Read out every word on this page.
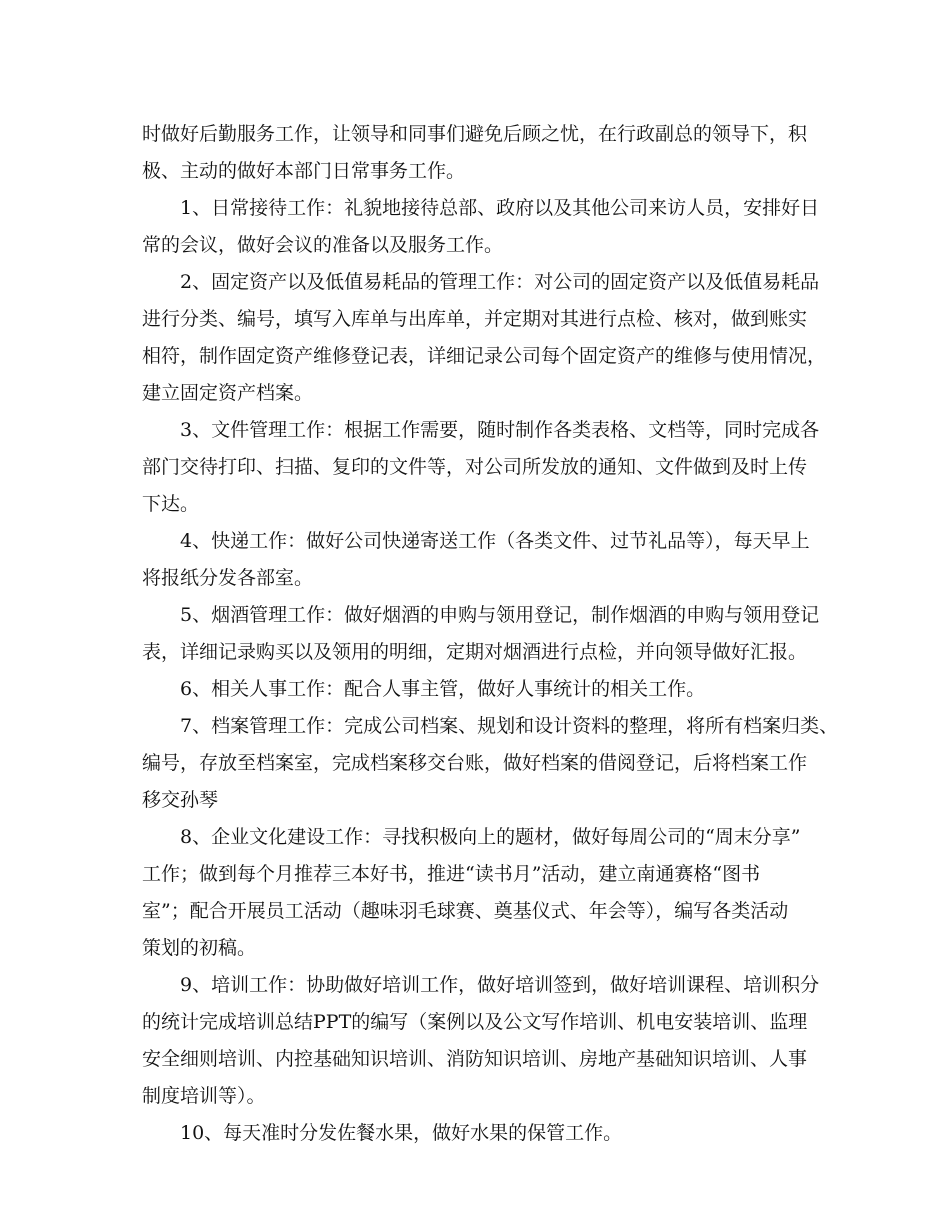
时做好后勤服务工作，让领导和同事们避免后顾之忧，在行政副总的领导下，积
极、主动的做好本部门日常事务工作。
1、日常接待工作：礼貌地接待总部、政府以及其他公司来访人员，安排好日
常的会议，做好会议的准备以及服务工作。
2、固定资产以及低值易耗品的管理工作：对公司的固定资产以及低值易耗品
进行分类、编号，填写入库单与出库单，并定期对其进行点检、核对，做到账实
相符，制作固定资产维修登记表，详细记录公司每个固定资产的维修与使用情况，
建立固定资产档案。
3、文件管理工作：根据工作需要，随时制作各类表格、文档等，同时完成各
部门交待打印、扫描、复印的文件等，对公司所发放的通知、文件做到及时上传
下达。
4、快递工作：做好公司快递寄送工作（各类文件、过节礼品等），每天早上
将报纸分发各部室。
5、烟酒管理工作：做好烟酒的申购与领用登记，制作烟酒的申购与领用登记
表，详细记录购买以及领用的明细，定期对烟酒进行点检，并向领导做好汇报。
6、相关人事工作：配合人事主管，做好人事统计的相关工作。
7、档案管理工作：完成公司档案、规划和设计资料的整理，将所有档案归类、
编号，存放至档案室，完成档案移交台账，做好档案的借阅登记，后将档案工作
移交孙琴
8、企业文化建设工作：寻找积极向上的题材，做好每周公司的“周末分享”
工作；做到每个月推荐三本好书，推进“读书月”活动，建立南通赛格“图书
室”；配合开展员工活动（趣味羽毛球赛、奠基仪式、年会等），编写各类活动
策划的初稿。
9、培训工作：协助做好培训工作，做好培训签到，做好培训课程、培训积分
的统计完成培训总结PPT的编写（案例以及公文写作培训、机电安装培训、监理
安全细则培训、内控基础知识培训、消防知识培训、房地产基础知识培训、人事
制度培训等）。
10、每天准时分发佐餐水果，做好水果的保管工作。
